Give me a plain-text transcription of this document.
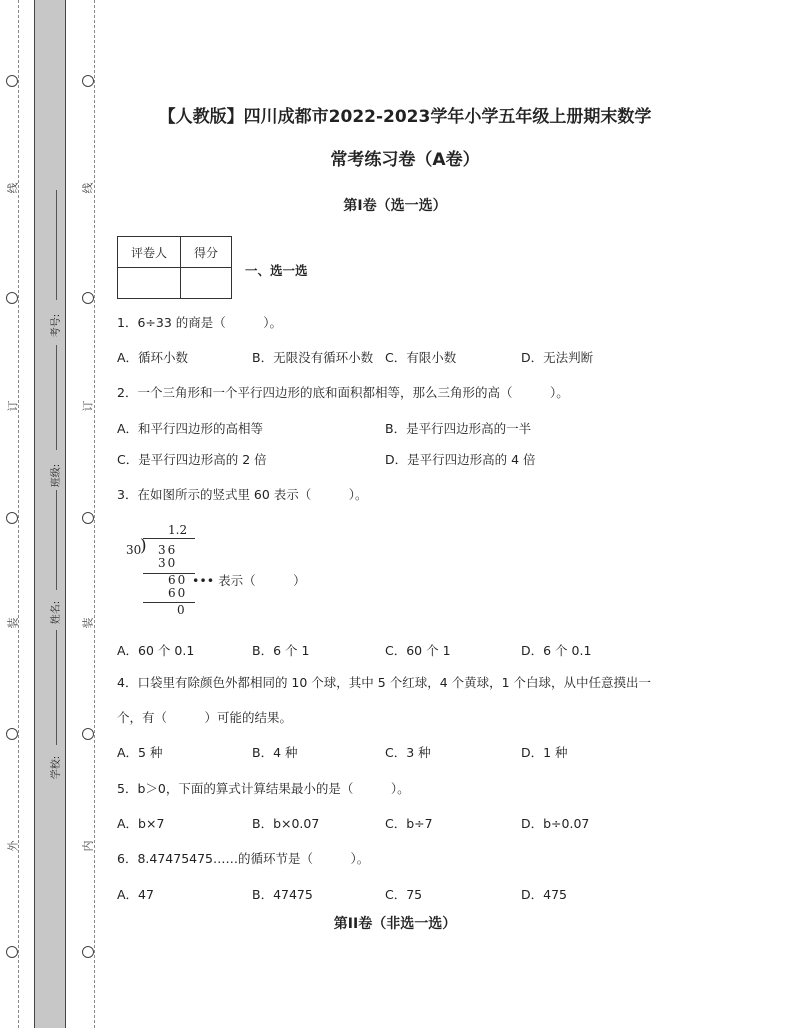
线
订
装
外
线
订
装
内
考号:
班级:
姓名:
学校:
【人教版】四川成都市2022-2023学年小学五年级上册期末数学
常考练习卷（A卷）
第I卷（选一选）
评卷人	得分

一、选一选
1．6÷33 的商是（　　　）。
A．循环小数	B．无限没有循环小数 C．有限小数	D．无法判断
2．一个三角形和一个平行四边形的底和面积都相等，那么三角形的高（　　　）。
A．和平行四边形的高相等	B．是平行四边形高的一半
C．是平行四边形高的 2 倍	D．是平行四边形高的 4 倍
3．在如图所示的竖式里 60 表示（　　　）。
1.2
30
) 36
30
60 ••• 表示（　　　）
60
0
A．60 个 0.1	B．6 个 1	C．60 个 1	D．6 个 0.1
4．口袋里有除颜色外都相同的 10 个球，其中 5 个红球，4 个黄球，1 个白球，从中任意摸出一
个，有（　　　）可能的结果。
A．5 种	B．4 种	C．3 种	D．1 种
5．b＞0，下面的算式计算结果最小的是（　　　）。
A．b×7	B．b×0.07	C．b÷7	D．b÷0.07
6．8.47475475……的循环节是（　　　）。
A．47	B．47475	C．75	D．475
第II卷（非选一选）
